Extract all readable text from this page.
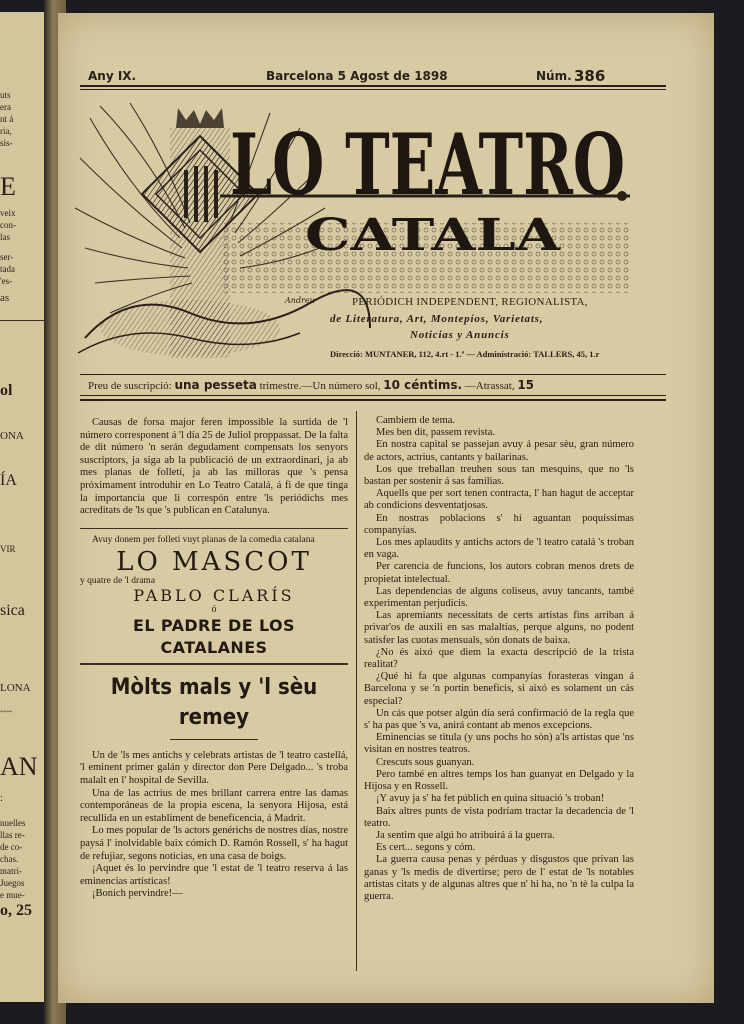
uts
era
nt á
ria,
sis-
E
veix
con-
las
ser-
tada
'es-
as
ol
ONA
ÍA
VIR
sica
LONA
‸‸‸‸
AN
:
nuelles
llas re-
de co-
chas.
matri-
Juegos
e mue-
o, 25
Any IX.	Barcelona 5 Agost de 1898	Núm. 386
LO TEATRO
CATALA
Andreu	PERIÓDICH INDEPENDENT, REGIONALISTA,
de Literatura, Art, Montepíos, Varietats,
Noticias y Anuncis
Direcció: MUNTANER, 112, 4.rt - 1.ª — Administració: TALLERS, 45, 1.r
Preu de suscripció: una pesseta trimestre.—Un número sol, 10 céntims. —Atrassat, 15

Causas de forsa major feren impossible la surtida de 'l número corresponent á 'l día 25 de Juliol proppassat. De la falta de dit número 'n serán degudament compensats los senyors suscriptors, ja siga ab la publicació de un extraordinari, ja ab mes planas de folletí, ja ab las milloras que 's pensa próximament introduhir en Lo Teatro Catalá, á fi de que tinga la importancia que li correspón entre 'ls periódichs mes acreditats de 'ls que 's publican en Catalunya.

Avuy donem per folletí vuyt planas de la comedia catalana

LO MASCOT

y quatre de 'l drama

PABLO CLARÍS
ó
EL PADRE DE LOS CATALANES
Mòlts mals y 'l sèu remey

Un de 'ls mes antichs y celebrats artistas de 'l teatro castellá, 'l eminent primer galán y director don Pere Delgado... 's troba malalt en l' hospital de Sevilla.

Una de las actrius de mes brillant carrera entre las damas contemporáneas de la propia escena, la senyora Hijosa, está recullida en un establiment de beneficencia, á Madrit.

Lo mes popular de 'ls actors genérichs de nostres días, nostre paysá l' inolvidable baix cómich D. Ramón Rossell, s' ha hagut de refujiar, segons noticias, en una casa de boigs.

¡Aquet és lo pervindre que 'l estat de 'l teatro reserva á las eminencias artísticas!

¡Bonich pervindre!—

Cambiem de tema.

Mes ben dit, passem revista.

En nostra capital se passejan avuy á pesar sèu, gran número de actors, actrius, cantants y bailarinas.

Los que treballan treuhen sous tan mesquins, que no 'ls bastan per sostenir á sas familias.

Aquells que per sort tenen contracta, l' han hagut de acceptar ab condicions desventatjosas.

En nostras poblacions s' hi aguantan poquíssimas companyías.

Los mes aplaudits y antichs actors de 'l teatro catalá 's troban en vaga.

Per carencia de funcions, los autors cobran menos drets de propietat intelectual.

Las dependencias de alguns coliseus, avuy tancants, també experimentan perjudicis.

Las apremiants necessitats de certs artistas fins arriban á privar'os de auxili en sas malaltías, perque alguns, no podent satisfer las cuotas mensuals, són donats de baixa.

¿No és aixó que diem la exacta descripció de la trista realitat?

¿Qué hi fa que algunas companyías forasteras vingan á Barcelona y se 'n portin beneficis, si aixó es solament un cás especial?

Un cás que potser algún día será confirmació de la regla que s' ha pas que 's va, anirá contant ab menos excepcions.

Eminencias se titula (y uns pochs ho sòn) a'ls artistas que 'ns visitan en nostres teatros.

Crescuts sous guanyan.

Pero també en altres temps los han guanyat en Delgado y la Hijosa y en Rossell.

¡Y avuy ja s' ha fet públich en quina situació 's troban!

Baix altres punts de vista podríam tractar la decadencia de 'l teatro.

Ja sentim que algú ho atribuirá á la guerra.

Es cert... segons y cóm.

La guerra causa penas y pérduas y disgustos que privan las ganas y 'ls medis de divertirse; pero de l' estat de 'ls notables artistas citats y de algunas altres que n' hi ha, no 'n tè la culpa la guerra.
